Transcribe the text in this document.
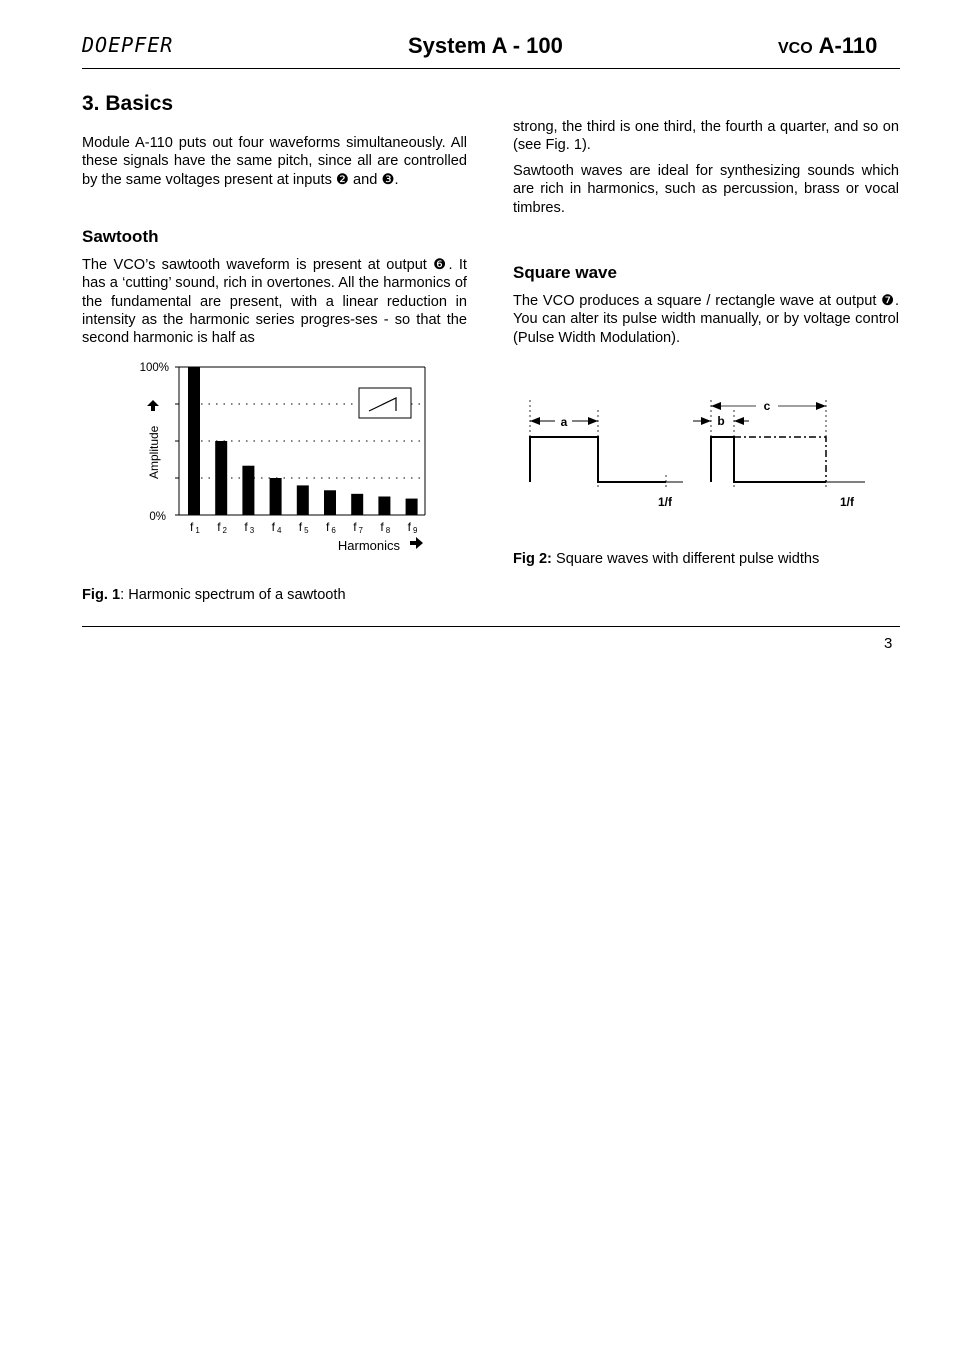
DOEPFER	System A - 100	VCO A-110
3. Basics
Module A-110 puts out four waveforms simultaneously. All these signals have the same pitch, since all are controlled by the same voltages present at inputs ❷ and ❸.
Sawtooth
The VCO’s sawtooth waveform is present at output ❻. It has a ‘cutting’ sound, rich in overtones. All the harmonics of the fundamental are present, with a linear reduction in intensity as the harmonic series progres-ses - so that the second harmonic is half as
f 1 f 2 f 3 f 4 f 5 f 6 f 7 f 8 f 9
100%
0%
Amplitude
Harmonics
Fig. 1: Harmonic spectrum of a sawtooth
strong, the third is one third, the fourth a quarter, and so on (see Fig. 1).
Sawtooth waves are ideal for synthesizing sounds which are rich in harmonics, such as percussion, brass or vocal timbres.
Square wave
The VCO produces a square / rectangle wave at output ❼. You can alter its pulse width manually, or by voltage control (Pulse Width Modulation).
a
1/f
c
b
1/f
Fig 2: Square waves with different pulse widths
3
